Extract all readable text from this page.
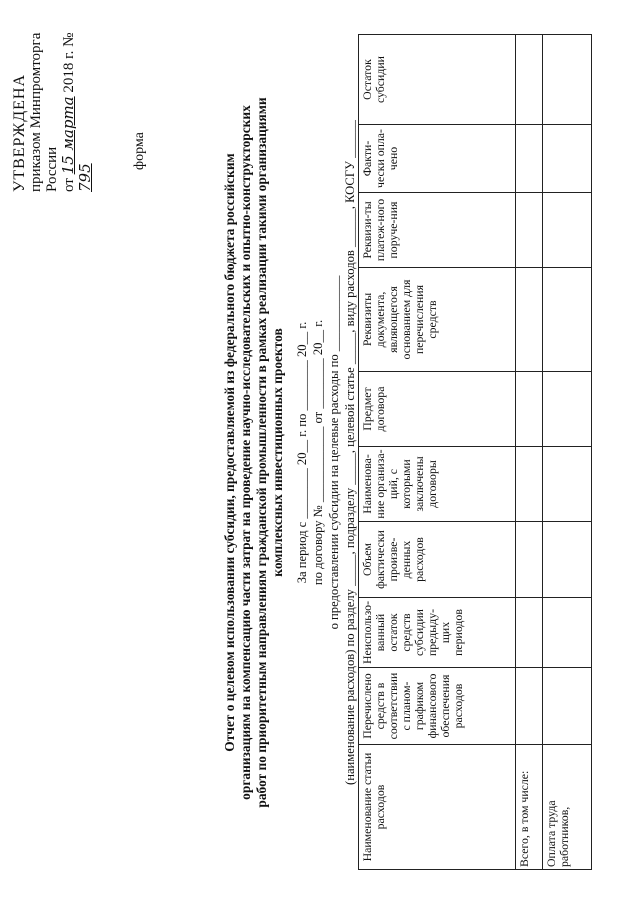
УТВЕРЖДЕНА приказом Минпромторга России от 15 марта 2018 г. № 795
форма
Отчет о целевом использовании субсидии, предоставляемой из федерального бюджета российским организациям на компенсацию части затрат на проведение научно-исследовательских и опытно-конструкторских работ по приоритетным направлениям гражданской промышленности в рамках реализации такими организациями комплексных инвестиционных проектов За период с ________ 20__ г. по ________ 20__ г. по договору № ____________ от ________ 20__ г. о предоставлении субсидии на целевые расходы по ____________ (наименование расходов) по разделу _____, подразделу _____, целевой статье _____, виду расходов ______, КОСГУ ______
Наименование статьи расходов	Перечислено средств в соответствии с планом-графиком финансового обеспечения расходов	Неиспользо-ванный остаток средств субсидии предыду-щих периодов	Объем фактически произве-денных расходов	Наименова-ние организа-ций, с которыми заключены договоры	Предмет договора	Реквизиты документа, являющегося основанием для перечисления средств	Реквизи-ты платеж-ного поруче-ния	Факти-чески опла-чено	Остаток субсидии
Всего, в том числе:									
Оплата труда работников,									
